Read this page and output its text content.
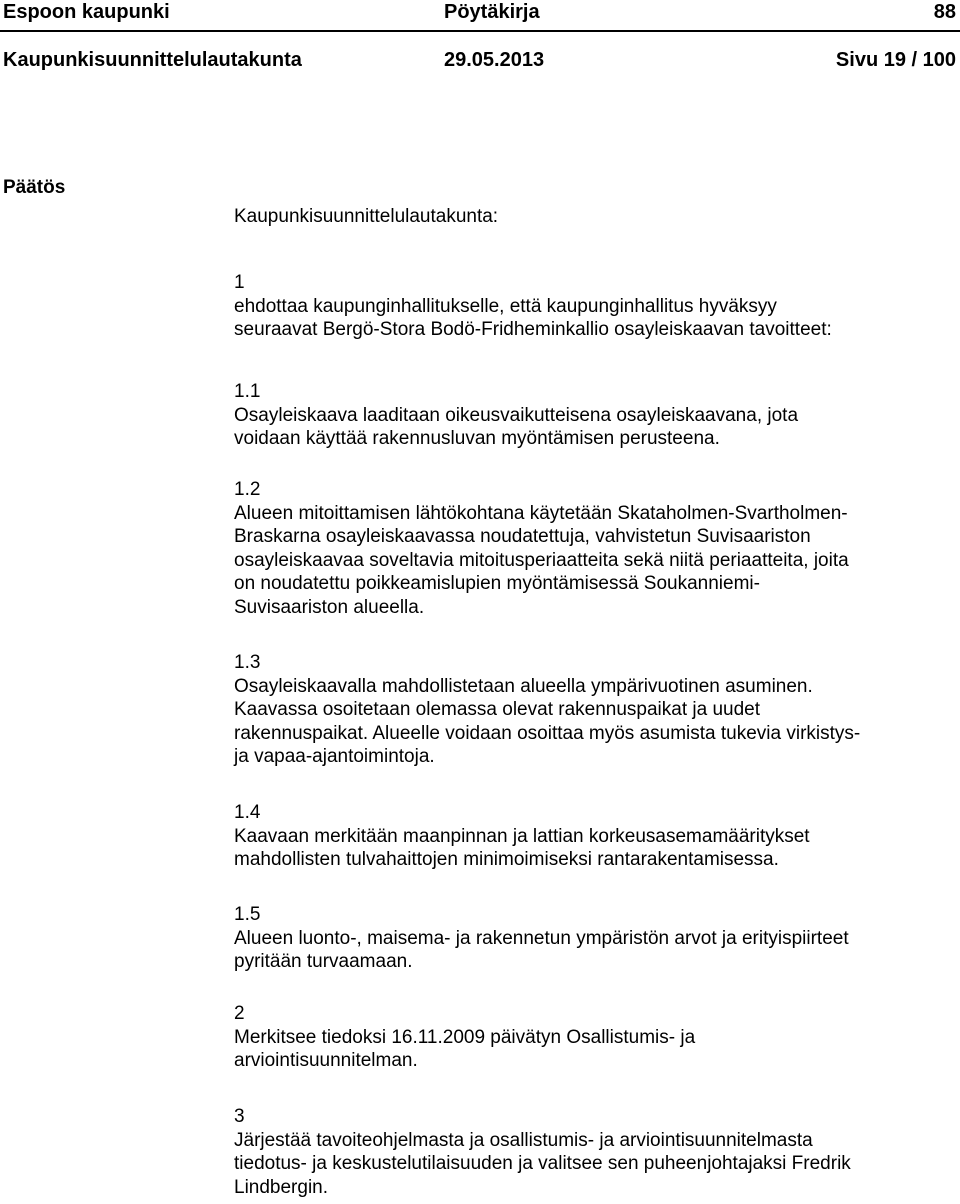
Espoon kaupunki	Pöytäkirja	88
Kaupunkisuunnittelulautakunta	29.05.2013	Sivu 19 / 100
Päätös
Kaupunkisuunnittelulautakunta:
1
ehdottaa kaupunginhallitukselle, että kaupunginhallitus hyväksyy
seuraavat Bergö-Stora Bodö-Fridheminkallio osayleiskaavan tavoitteet:
1.1
Osayleiskaava laaditaan oikeusvaikutteisena osayleiskaavana, jota
voidaan käyttää rakennusluvan myöntämisen perusteena.
1.2
Alueen mitoittamisen lähtökohtana käytetään Skataholmen-Svartholmen-
Braskarna osayleiskaavassa noudatettuja, vahvistetun Suvisaariston
osayleiskaavaa soveltavia mitoitusperiaatteita sekä niitä periaatteita, joita
on noudatettu poikkeamislupien myöntämisessä Soukanniemi-
Suvisaariston alueella.
1.3
Osayleiskaavalla mahdollistetaan alueella ympärivuotinen asuminen.
Kaavassa osoitetaan olemassa olevat rakennuspaikat ja uudet
rakennuspaikat. Alueelle voidaan osoittaa myös asumista tukevia virkistys-
ja vapaa-ajantoimintoja.
1.4
Kaavaan merkitään maanpinnan ja lattian korkeusasemamääritykset
mahdollisten tulvahaittojen minimoimiseksi rantarakentamisessa.
1.5
Alueen luonto-, maisema- ja rakennetun ympäristön arvot ja erityispiirteet
pyritään turvaamaan.
2
Merkitsee tiedoksi 16.11.2009 päivätyn Osallistumis- ja
arviointisuunnitelman.
3
Järjestää tavoiteohjelmasta ja osallistumis- ja arviointisuunnitelmasta
tiedotus- ja keskustelutilaisuuden ja valitsee sen puheenjohtajaksi Fredrik
Lindbergin.
